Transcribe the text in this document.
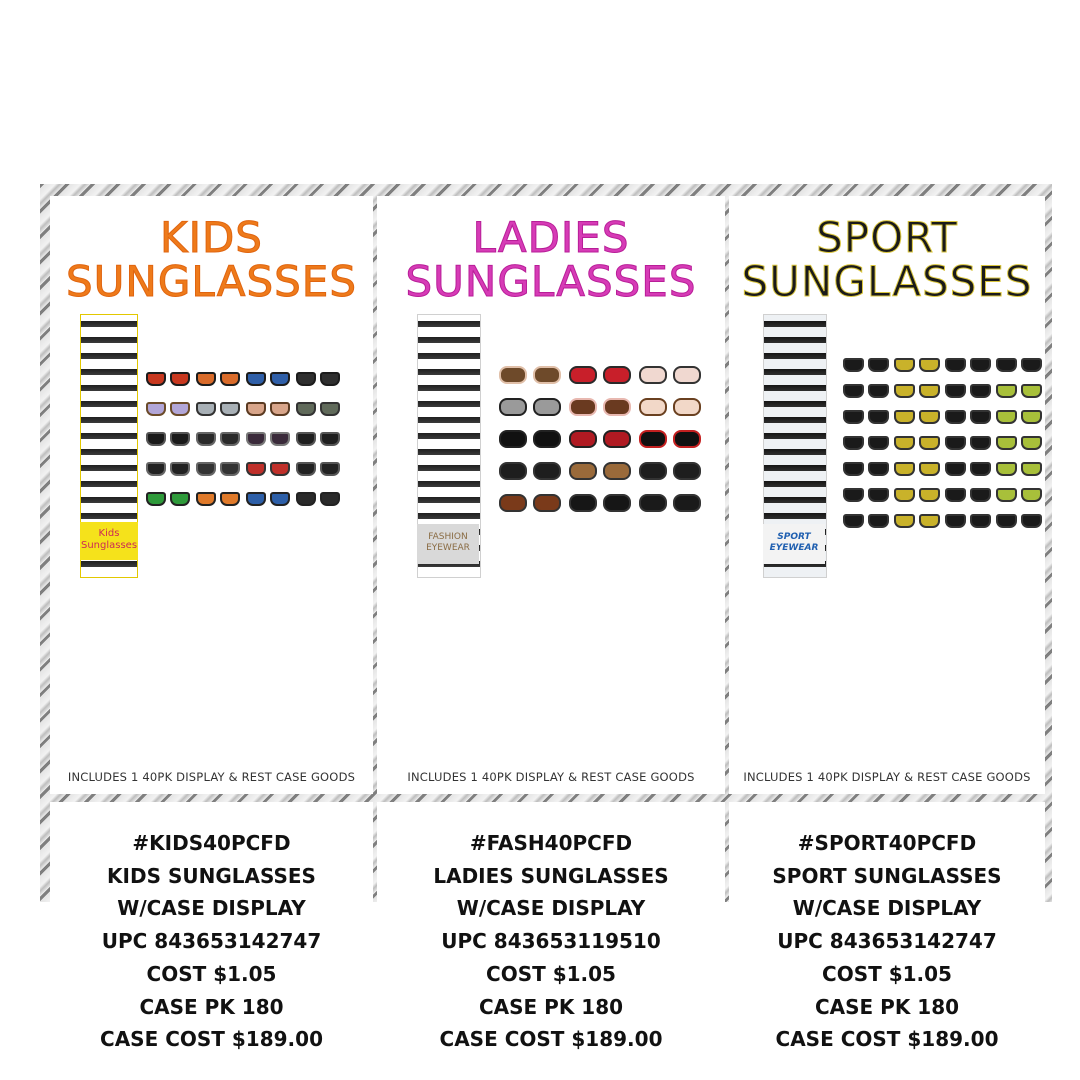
KIDS
SUNGLASSES
Kids Sunglasses
INCLUDES 1 40PK DISPLAY & REST CASE GOODS
LADIES
SUNGLASSES
FASHION EYEWEAR
INCLUDES 1 40PK DISPLAY & REST CASE GOODS
SPORT
SUNGLASSES
SPORT EYEWEAR
INCLUDES 1 40PK DISPLAY & REST CASE GOODS
#KIDS40PCFD
KIDS SUNGLASSES
W/CASE DISPLAY
UPC 843653142747
COST $1.05
CASE PK 180
CASE COST $189.00
#FASH40PCFD
LADIES SUNGLASSES
W/CASE DISPLAY
UPC 843653119510
COST $1.05
CASE PK 180
CASE COST $189.00
#SPORT40PCFD
SPORT SUNGLASSES
W/CASE DISPLAY
UPC 843653142747
COST $1.05
CASE PK 180
CASE COST $189.00
